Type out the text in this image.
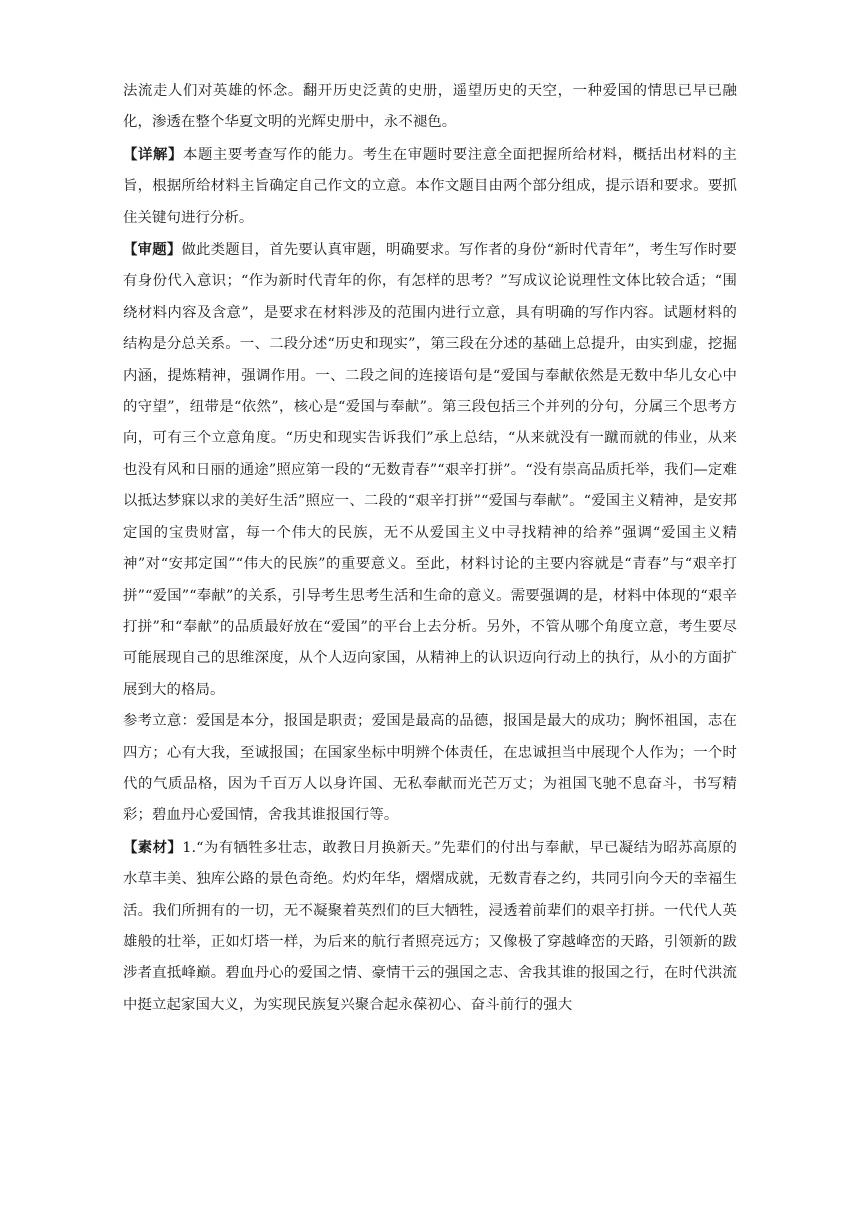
法流走人们对英雄的怀念。翻开历史泛黄的史册，遥望历史的天空，一种爱国的情思已早已融化，渗透在整个华夏文明的光辉史册中，永不褪色。

【详解】本题主要考查写作的能力。考生在审题时要注意全面把握所给材料，概括出材料的主旨，根据所给材料主旨确定自己作文的立意。本作文题目由两个部分组成，提示语和要求。要抓住关键句进行分析。

【审题】做此类题目，首先要认真审题，明确要求。写作者的身份“新时代青年”，考生写作时要有身份代入意识；“作为新时代青年的你，有怎样的思考？”写成议论说理性文体比较合适；“围绕材料内容及含意”，是要求在材料涉及的范围内进行立意，具有明确的写作内容。试题材料的结构是分总关系。一、二段分述“历史和现实”，第三段在分述的基础上总提升，由实到虚，挖掘内涵，提炼精神，强调作用。一、二段之间的连接语句是“爱国与奉献依然是无数中华儿女心中的守望”，纽带是“依然”，核心是“爱国与奉献”。第三段包括三个并列的分句，分属三个思考方向，可有三个立意角度。“历史和现实告诉我们”承上总结，“从来就没有一蹴而就的伟业，从来也没有风和日丽的通途”照应第一段的“无数青春”“艰辛打拼”。“没有崇高品质托举，我们—定难以抵达梦寐以求的美好生活”照应一、二段的“艰辛打拼”“爱国与奉献”。“爱国主义精神，是安邦定国的宝贵财富，每一个伟大的民族，无不从爱国主义中寻找精神的给养”强调“爱国主义精神”对“安邦定国”“伟大的民族”的重要意义。至此，材料讨论的主要内容就是“青春”与“艰辛打拼”“爱国”“奉献”的关系，引导考生思考生活和生命的意义。需要强调的是，材料中体现的“艰辛打拼”和“奉献”的品质最好放在“爱国”的平台上去分析。另外，不管从哪个角度立意，考生要尽可能展现自己的思维深度，从个人迈向家国，从精神上的认识迈向行动上的执行，从小的方面扩展到大的格局。

参考立意：爱国是本分，报国是职责；爱国是最高的品德，报国是最大的成功；胸怀祖国，志在四方；心有大我，至诚报国；在国家坐标中明辨个体责任，在忠诚担当中展现个人作为；一个时代的气质品格，因为千百万人以身许国、无私奉献而光芒万丈；为祖国飞驰不息奋斗，书写精彩；碧血丹心爱国情，舍我其谁报国行等。

【素材】1.“为有牺牲多壮志，敢教日月换新天。”先辈们的付出与奉献，早已凝结为昭苏高原的水草丰美、独库公路的景色奇绝。灼灼年华，熠熠成就，无数青春之约，共同引向今天的幸福生活。我们所拥有的一切，无不凝聚着英烈们的巨大牺牲，浸透着前辈们的艰辛打拼。一代代人英雄般的壮举，正如灯塔一样，为后来的航行者照亮远方；又像极了穿越峰峦的天路，引领新的跋涉者直抵峰巅。碧血丹心的爱国之情、豪情干云的强国之志、舍我其谁的报国之行，在时代洪流中挺立起家国大义，为实现民族复兴聚合起永葆初心、奋斗前行的强大
